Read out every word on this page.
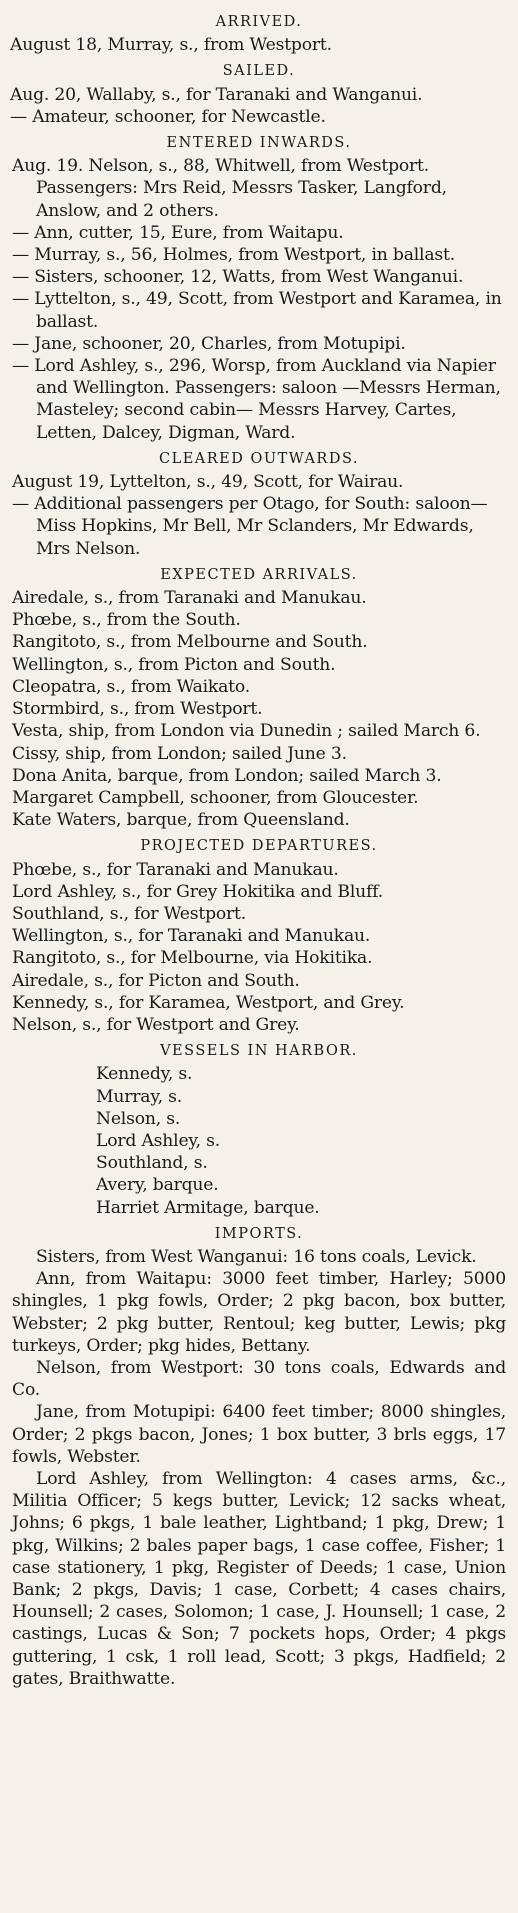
ARRIVED.

August 18, Murray, s., from Westport.

SAILED.

Aug. 20, Wallaby, s., for Taranaki and Wanganui.

— Amateur, schooner, for Newcastle.

ENTERED INWARDS.

Aug. 19. Nelson, s., 88, Whitwell, from Westport. Passengers: Mrs Reid, Messrs Tasker, Langford, Anslow, and 2 others.

— Ann, cutter, 15, Eure, from Waitapu.

— Murray, s., 56, Holmes, from Westport, in ballast.

— Sisters, schooner, 12, Watts, from West Wanganui.

— Lyttelton, s., 49, Scott, from Westport and Karamea, in ballast.

— Jane, schooner, 20, Charles, from Motupipi.

— Lord Ashley, s., 296, Worsp, from Auckland via Napier and Wellington. Passengers: saloon —Messrs Herman, Masteley; second cabin— Messrs Harvey, Cartes, Letten, Dalcey, Digman, Ward.

CLEARED OUTWARDS.

August 19, Lyttelton, s., 49, Scott, for Wairau.

— Additional passengers per Otago, for South: saloon—Miss Hopkins, Mr Bell, Mr Sclanders, Mr Edwards, Mrs Nelson.

EXPECTED ARRIVALS.

Airedale, s., from Taranaki and Manukau.

Phœbe, s., from the South.

Rangitoto, s., from Melbourne and South.

Wellington, s., from Picton and South.

Cleopatra, s., from Waikato.

Stormbird, s., from Westport.

Vesta, ship, from London via Dunedin ; sailed March 6.

Cissy, ship, from London; sailed June 3.

Dona Anita, barque, from London; sailed March 3.

Margaret Campbell, schooner, from Gloucester.

Kate Waters, barque, from Queensland.

PROJECTED DEPARTURES.

Phœbe, s., for Taranaki and Manukau.

Lord Ashley, s., for Grey Hokitika and Bluff.

Southland, s., for Westport.

Wellington, s., for Taranaki and Manukau.

Rangitoto, s., for Melbourne, via Hokitika.

Airedale, s., for Picton and South.

Kennedy, s., for Karamea, Westport, and Grey.

Nelson, s., for Westport and Grey.

VESSELS IN HARBOR.

Kennedy, s.

Murray, s.

Nelson, s.

Lord Ashley, s.

Southland, s.

Avery, barque.

Harriet Armitage, barque.

IMPORTS.

Sisters, from West Wanganui: 16 tons coals, Levick.

Ann, from Waitapu: 3000 feet timber, Harley; 5000 shingles, 1 pkg fowls, Order; 2 pkg bacon, box butter, Webster; 2 pkg butter, Rentoul; keg butter, Lewis; pkg turkeys, Order; pkg hides, Bettany.

Nelson, from Westport: 30 tons coals, Edwards and Co.

Jane, from Motupipi: 6400 feet timber; 8000 shingles, Order; 2 pkgs bacon, Jones; 1 box butter, 3 brls eggs, 17 fowls, Webster.

Lord Ashley, from Wellington: 4 cases arms, &c., Militia Officer; 5 kegs butter, Levick; 12 sacks wheat, Johns; 6 pkgs, 1 bale leather, Lightband; 1 pkg, Drew; 1 pkg, Wilkins; 2 bales paper bags, 1 case coffee, Fisher; 1 case stationery, 1 pkg, Register of Deeds; 1 case, Union Bank; 2 pkgs, Davis; 1 case, Corbett; 4 cases chairs, Hounsell; 2 cases, Solomon; 1 case, J. Hounsell; 1 case, 2 castings, Lucas & Son; 7 pockets hops, Order; 4 pkgs guttering, 1 csk, 1 roll lead, Scott; 3 pkgs, Hadfield; 2 gates, Braithwatte.
